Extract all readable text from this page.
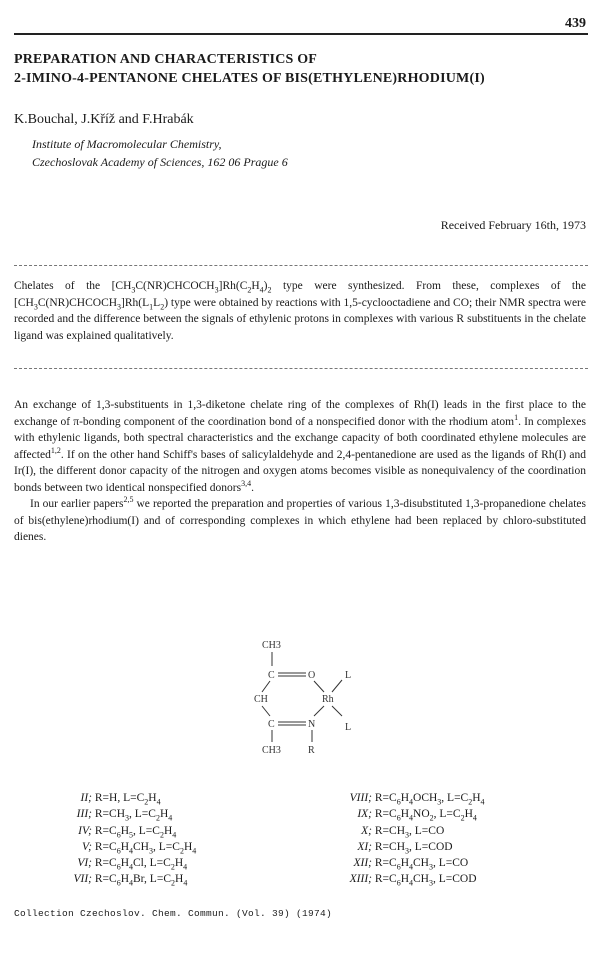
439
PREPARATION AND CHARACTERISTICS OF
2-IMINO-4-PENTANONE CHELATES OF BIS(ETHYLENE)RHODIUM(I)
K.Bouchal, J.Kříž and F.Hrabák
Institute of Macromolecular Chemistry,
Czechoslovak Academy of Sciences, 162 06 Prague 6
Received February 16th, 1973
Chelates of the $[CH_3C(NR)CHCOCH_3]Rh(C_2H_4)_2$ type were synthesized. From these, complexes of the $[CH_3C(NR)CHCOCH_3]Rh(L_1L_2)$ type were obtained by reactions with 1,5-cyclooctadiene and CO; their NMR spectra were recorded and the difference between the signals of ethylenic protons in complexes with various R substituents in the chelate ligand was explained qualitatively.

An exchange of 1,3-substituents in 1,3-diketone chelate ring of the complexes of Rh(I) leads in the first place to the exchange of π-bonding component of the coordination bond of a nonspecified donor with the rhodium atom$^1$. In complexes with ethylenic ligands, both spectral characteristics and the exchange capacity of both coordinated ethylene molecules are affected$^{1,2}$. If on the other hand Schiff's bases of salicylaldehyde and 2,4-pentanedione are used as the ligands of Rh(I) and Ir(I), the different donor capacity of the nitrogen and oxygen atoms becomes visible as nonequivalency of the coordination bonds between two identical nonspecified donors$^{3,4}$.

In our earlier papers$^{2,5}$ we reported the preparation and properties of various 1,3-disubstituted 1,3-propanedione chelates of bis(ethylene)rhodium(I) and of corresponding complexes in which ethylene had been replaced by chloro-substituted dienes.

CH3
C	O	L
CH	Rh
C	N	L
CH3	R
II; R=H, $L=C_2H_4$
III; $R=CH_3$, $L=C_2H_4$
IV; $R=C_6H_5$, $L=C_2H_4$
V; $R=C_6H_4CH_3$, $L=C_2H_4$
VI; $R=C_6H_4Cl$, $L=C_2H_4$
VII; $R=C_6H_4Br$, $L=C_2H_4$
VIII; $R=C_6H_4OCH_3$, $L=C_2H_4$
IX; $R=C_6H_4NO_2$, $L=C_2H_4$
X; $R=CH_3$, L=CO
XI; $R=CH_3$, L=COD
XII; $R=C_6H_4CH_3$, L=CO
XIII; $R=C_6H_4CH_3$, L=COD
Collection Czechoslov. Chem. Commun. (Vol. 39) (1974)
